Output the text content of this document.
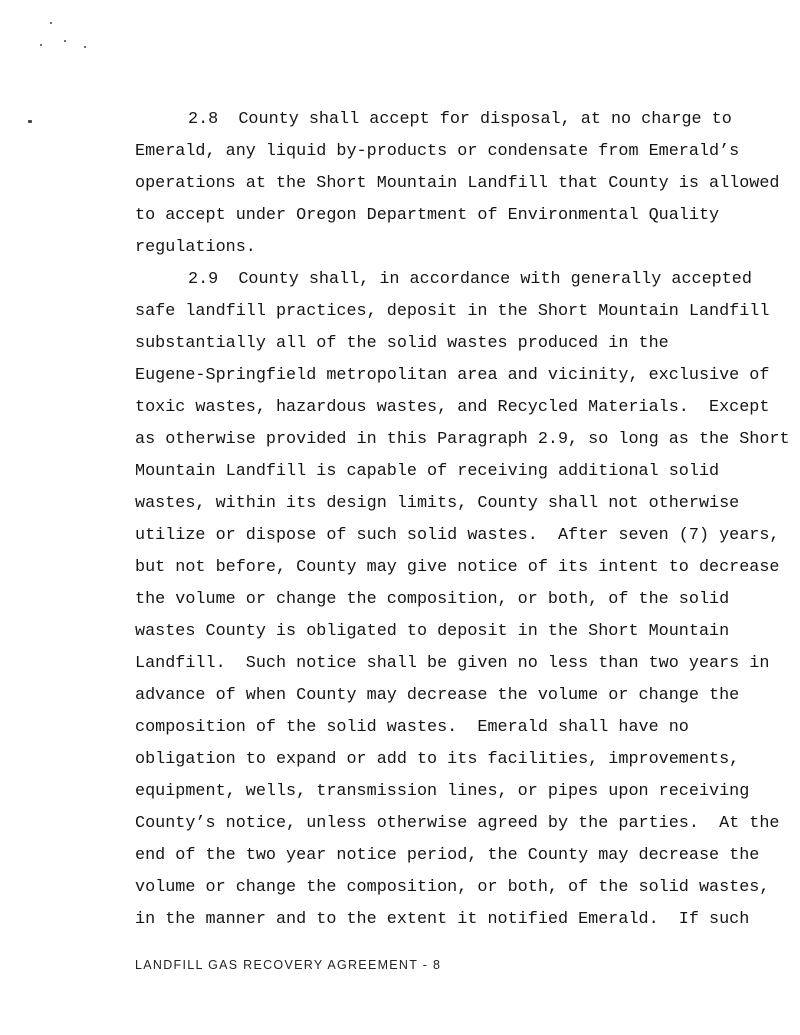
2.8  County shall accept for disposal, at no charge to
Emerald, any liquid by-products or condensate from Emerald’s
operations at the Short Mountain Landfill that County is allowed
to accept under Oregon Department of Environmental Quality
regulations.
2.9  County shall, in accordance with generally accepted
safe landfill practices, deposit in the Short Mountain Landfill
substantially all of the solid wastes produced in the
Eugene-Springfield metropolitan area and vicinity, exclusive of
toxic wastes, hazardous wastes, and Recycled Materials.  Except
as otherwise provided in this Paragraph 2.9, so long as the Short
Mountain Landfill is capable of receiving additional solid
wastes, within its design limits, County shall not otherwise
utilize or dispose of such solid wastes.  After seven (7) years,
but not before, County may give notice of its intent to decrease
the volume or change the composition, or both, of the solid
wastes County is obligated to deposit in the Short Mountain
Landfill.  Such notice shall be given no less than two years in
advance of when County may decrease the volume or change the
composition of the solid wastes.  Emerald shall have no
obligation to expand or add to its facilities, improvements,
equipment, wells, transmission lines, or pipes upon receiving
County’s notice, unless otherwise agreed by the parties.  At the
end of the two year notice period, the County may decrease the
volume or change the composition, or both, of the solid wastes,
in the manner and to the extent it notified Emerald.  If such
LANDFILL GAS RECOVERY AGREEMENT - 8
